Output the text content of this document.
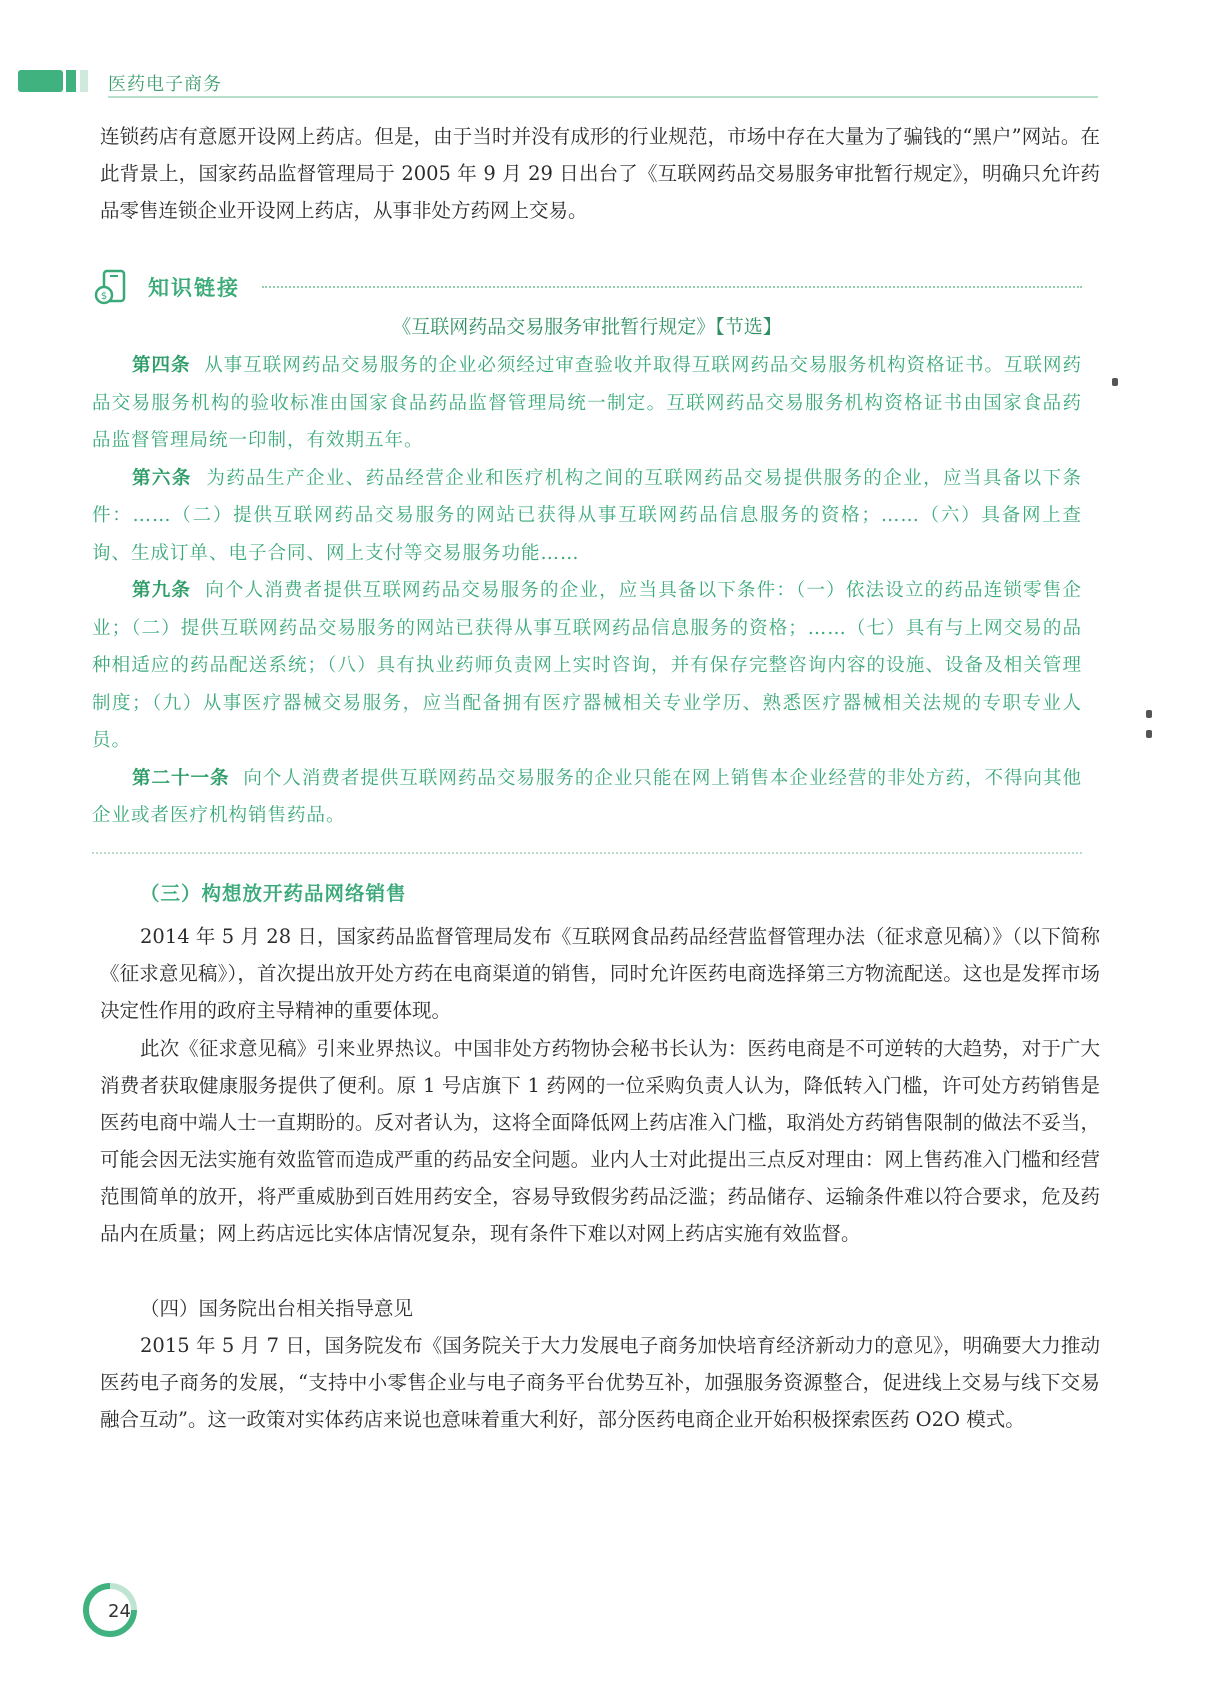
医药电子商务

连锁药店有意愿开设网上药店。但是，由于当时并没有成形的行业规范，市场中存在大量为了骗钱的“黑户”网站。在此背景上，国家药品监督管理局于 2005 年 9 月 29 日出台了《互联网药品交易服务审批暂行规定》，明确只允许药品零售连锁企业开设网上药店，从事非处方药网上交易。

$ 知识链接

《互联网药品交易服务审批暂行规定》【节选】

第四条 从事互联网药品交易服务的企业必须经过审查验收并取得互联网药品交易服务机构资格证书。互联网药品交易服务机构的验收标准由国家食品药品监督管理局统一制定。互联网药品交易服务机构资格证书由国家食品药品监督管理局统一印制，有效期五年。

第六条 为药品生产企业、药品经营企业和医疗机构之间的互联网药品交易提供服务的企业，应当具备以下条件：……（二）提供互联网药品交易服务的网站已获得从事互联网药品信息服务的资格；……（六）具备网上查询、生成订单、电子合同、网上支付等交易服务功能……

第九条 向个人消费者提供互联网药品交易服务的企业，应当具备以下条件：（一）依法设立的药品连锁零售企业；（二）提供互联网药品交易服务的网站已获得从事互联网药品信息服务的资格；……（七）具有与上网交易的品种相适应的药品配送系统；（八）具有执业药师负责网上实时咨询，并有保存完整咨询内容的设施、设备及相关管理制度；（九）从事医疗器械交易服务，应当配备拥有医疗器械相关专业学历、熟悉医疗器械相关法规的专职专业人员。

第二十一条 向个人消费者提供互联网药品交易服务的企业只能在网上销售本企业经营的非处方药，不得向其他企业或者医疗机构销售药品。

（三）构想放开药品网络销售

2014 年 5 月 28 日，国家药品监督管理局发布《互联网食品药品经营监督管理办法（征求意见稿）》（以下简称《征求意见稿》），首次提出放开处方药在电商渠道的销售，同时允许医药电商选择第三方物流配送。这也是发挥市场决定性作用的政府主导精神的重要体现。

此次《征求意见稿》引来业界热议。中国非处方药物协会秘书长认为：医药电商是不可逆转的大趋势，对于广大消费者获取健康服务提供了便利。原 1 号店旗下 1 药网的一位采购负责人认为，降低转入门槛，许可处方药销售是医药电商中端人士一直期盼的。反对者认为，这将全面降低网上药店准入门槛，取消处方药销售限制的做法不妥当，可能会因无法实施有效监管而造成严重的药品安全问题。业内人士对此提出三点反对理由：网上售药准入门槛和经营范围简单的放开，将严重威胁到百姓用药安全，容易导致假劣药品泛滥；药品储存、运输条件难以符合要求，危及药品内在质量；网上药店远比实体店情况复杂，现有条件下难以对网上药店实施有效监督。

（四）国务院出台相关指导意见

2015 年 5 月 7 日，国务院发布《国务院关于大力发展电子商务加快培育经济新动力的意见》，明确要大力推动医药电子商务的发展，“支持中小零售企业与电子商务平台优势互补，加强服务资源整合，促进线上交易与线下交易融合互动”。这一政策对实体药店来说也意味着重大利好，部分医药电商企业开始积极探索医药 O2O 模式。

24
